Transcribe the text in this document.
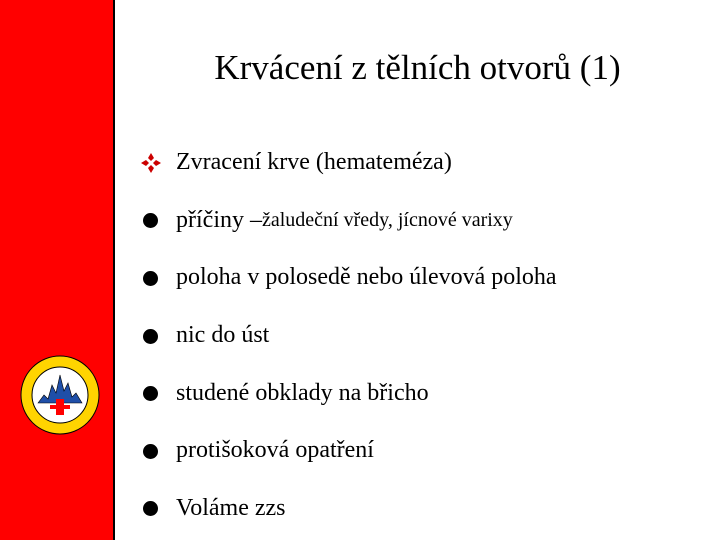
Krvácení z tělních otvorů (1)
Zvracení krve (hemateméza)
příčiny – žaludeční vředy, jícnové varixy
poloha v polosedě nebo úlevová poloha
nic do úst
studené obklady na břicho
protišoková opatření
Voláme zzs
